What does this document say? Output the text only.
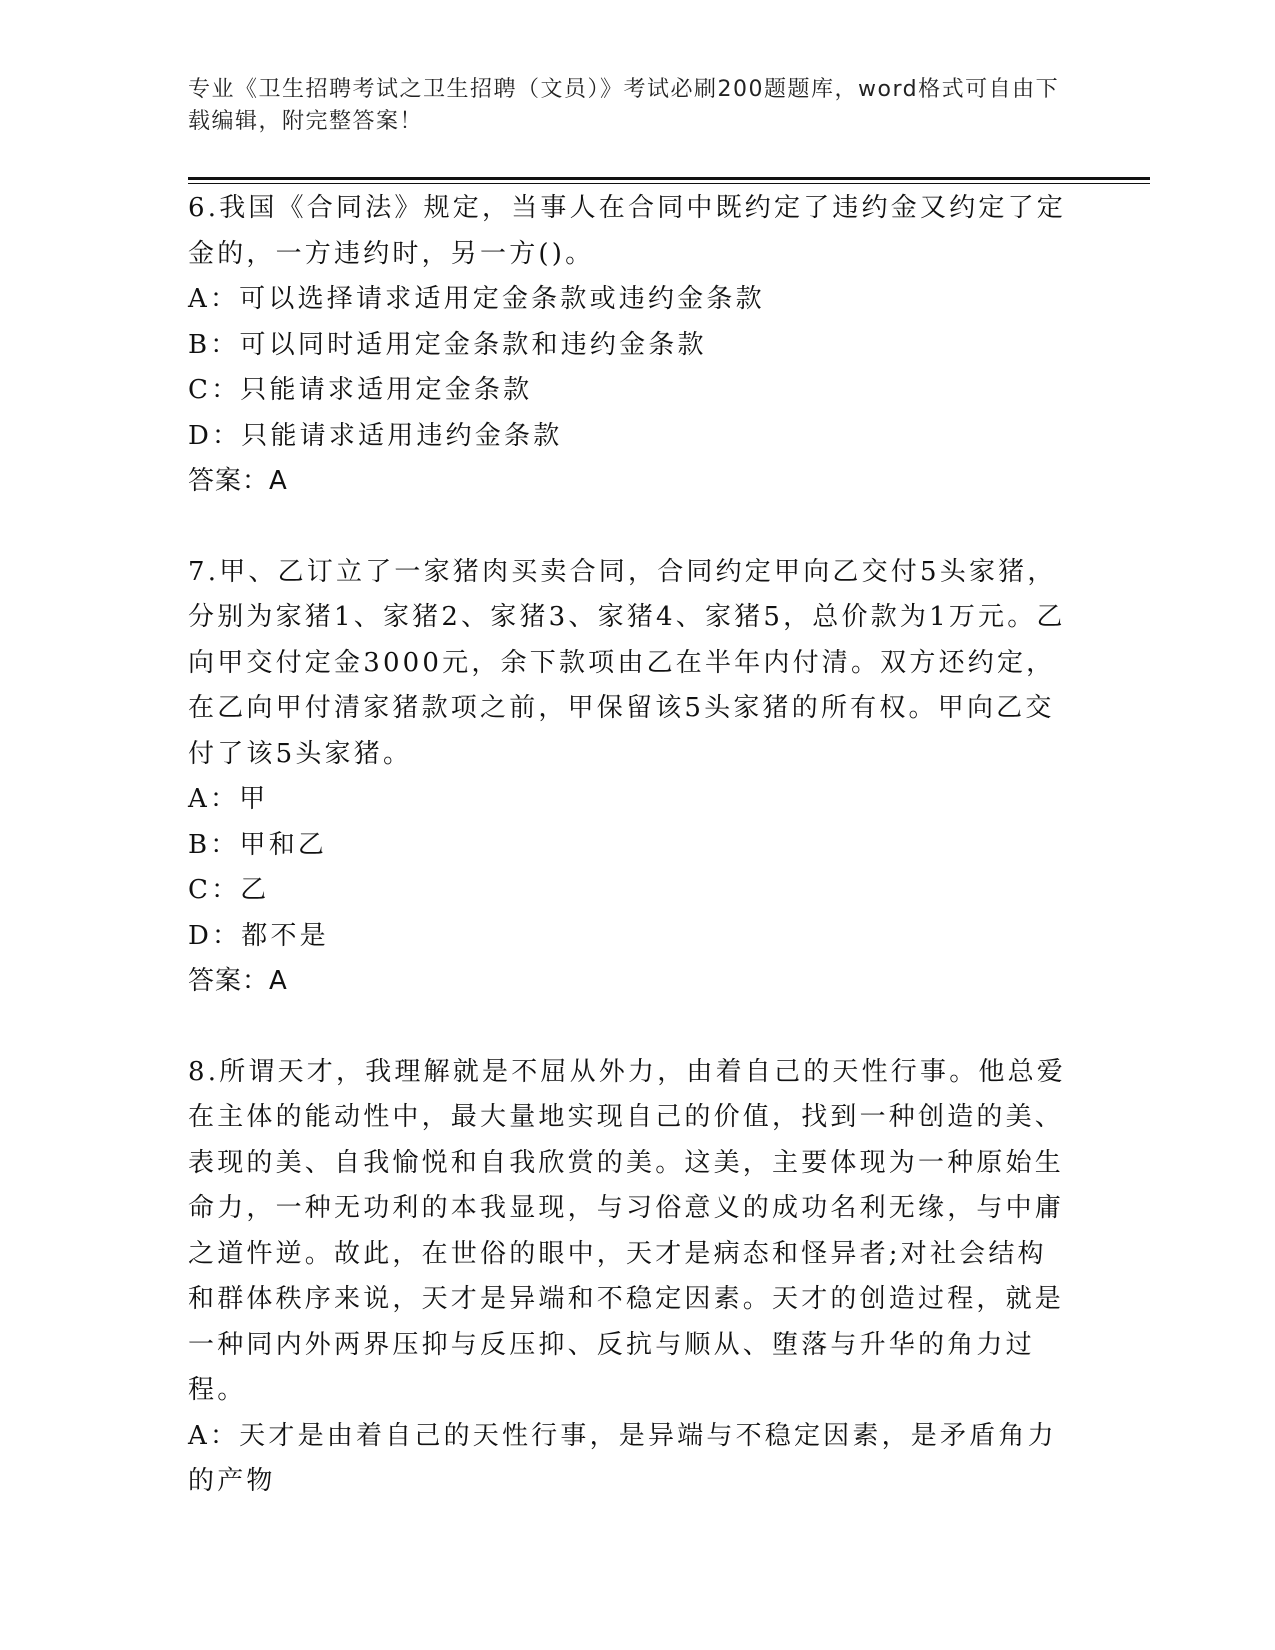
专业《卫生招聘考试之卫生招聘（文员）》考试必刷200题题库，word格式可自由下载编辑，附完整答案！

6.我国《合同法》规定，当事人在合同中既约定了违约金又约定了定金的，一方违约时，另一方()。

A：可以选择请求适用定金条款或违约金条款

B：可以同时适用定金条款和违约金条款

C：只能请求适用定金条款

D：只能请求适用违约金条款

答案：A

7.甲、乙订立了一家猪肉买卖合同，合同约定甲向乙交付5头家猪，分别为家猪1、家猪2、家猪3、家猪4、家猪5，总价款为1万元。乙向甲交付定金3000元，余下款项由乙在半年内付清。双方还约定，在乙向甲付清家猪款项之前，甲保留该5头家猪的所有权。甲向乙交付了该5头家猪。

A：甲

B：甲和乙

C：乙

D：都不是

答案：A

8.所谓天才，我理解就是不屈从外力，由着自己的天性行事。他总爱在主体的能动性中，最大量地实现自己的价值，找到一种创造的美、表现的美、自我愉悦和自我欣赏的美。这美，主要体现为一种原始生命力，一种无功利的本我显现，与习俗意义的成功名利无缘，与中庸之道忤逆。故此，在世俗的眼中，天才是病态和怪异者;对社会结构和群体秩序来说，天才是异端和不稳定因素。天才的创造过程，就是一种同内外两界压抑与反压抑、反抗与顺从、堕落与升华的角力过程。

A：天才是由着自己的天性行事，是异端与不稳定因素，是矛盾角力的产物
